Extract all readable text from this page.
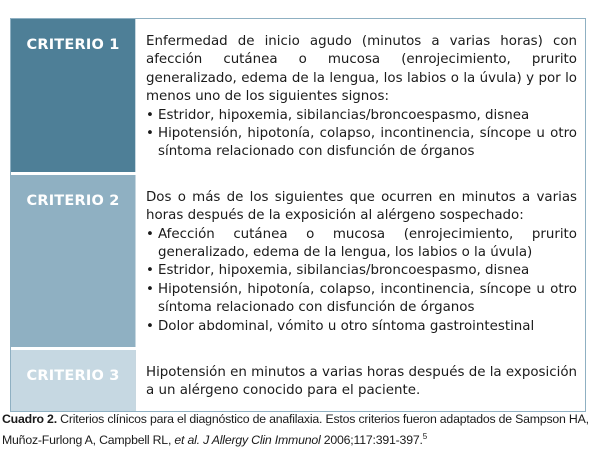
CRITERIO 1	Enfermedad de inicio agudo (minutos a varias horas) con afección cutánea o mucosa (enrojecimiento, prurito generalizado, edema de la lengua, los labios o la úvula) y por lo menos uno de los siguientes signos:

• Estridor, hipoxemia, sibilancias/broncoespasmo, disnea
• Hipotensión, hipotonía, colapso, incontinencia, síncope u otro síntoma relacionado con disfunción de órganos
CRITERIO 2	Dos o más de los siguientes que ocurren en minutos a varias horas después de la exposición al alérgeno sospechado:

• Afección cutánea o mucosa (enrojecimiento, prurito generalizado, edema de la lengua, los labios o la úvula)
• Estridor, hipoxemia, sibilancias/broncoespasmo, disnea
• Hipotensión, hipotonía, colapso, incontinencia, síncope u otro síntoma relacionado con disfunción de órganos
• Dolor abdominal, vómito u otro síntoma gastrointestinal
CRITERIO 3	Hipotensión en minutos a varias horas después de la exposición a un alérgeno conocido para el paciente.

Cuadro 2. Criterios clínicos para el diagnóstico de anafilaxia. Estos criterios fueron adaptados de Sampson HA, Muñoz-Furlong A, Campbell RL, et al. J Allergy Clin Immunol 2006;117:391-397.$^5$
